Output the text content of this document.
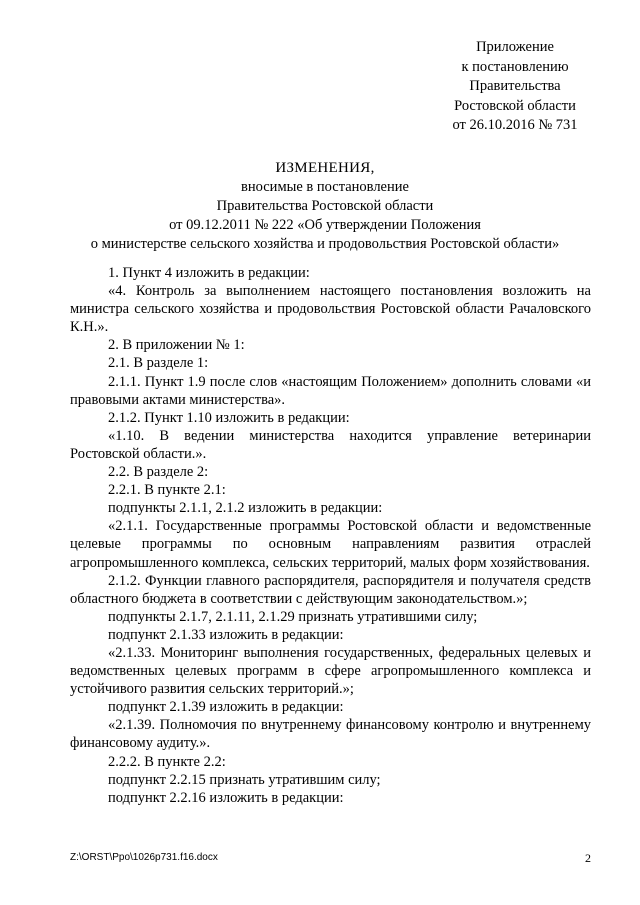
Приложение
к постановлению
Правительства
Ростовской области
от 26.10.2016 № 731
ИЗМЕНЕНИЯ,
вносимые в постановление
Правительства Ростовской области
от 09.12.2011 № 222 «Об утверждении Положения
о министерстве сельского хозяйства и продовольствия Ростовской области»

1. Пункт 4 изложить в редакции:

«4. Контроль за выполнением настоящего постановления возложить на министра сельского хозяйства и продовольствия Ростовской области Рачаловского К.Н.».

2. В приложении № 1:

2.1. В разделе 1:

2.1.1. Пункт 1.9 после слов «настоящим Положением» дополнить словами «и правовыми актами министерства».

2.1.2. Пункт 1.10 изложить в редакции:

«1.10. В ведении министерства находится управление ветеринарии Ростовской области.».

2.2. В разделе 2:

2.2.1. В пункте 2.1:

подпункты 2.1.1, 2.1.2 изложить в редакции:

«2.1.1. Государственные программы Ростовской области и ведомственные целевые программы по основным направлениям развития отраслей агропромышленного комплекса, сельских территорий, малых форм хозяйствования.

2.1.2. Функции главного распорядителя, распорядителя и получателя средств областного бюджета в соответствии с действующим законодательством.»;

подпункты 2.1.7, 2.1.11, 2.1.29 признать утратившими силу;

подпункт 2.1.33 изложить в редакции:

«2.1.33. Мониторинг выполнения государственных, федеральных целевых и ведомственных целевых программ в сфере агропромышленного комплекса и устойчивого развития сельских территорий.»;

подпункт 2.1.39 изложить в редакции:

«2.1.39. Полномочия по внутреннему финансовому контролю и внутреннему финансовому аудиту.».

2.2.2. В пункте 2.2:

подпункт 2.2.15 признать утратившим силу;

подпункт 2.2.16 изложить в редакции:

Z:\ORST\Ppo\1026p731.f16.docx	2
